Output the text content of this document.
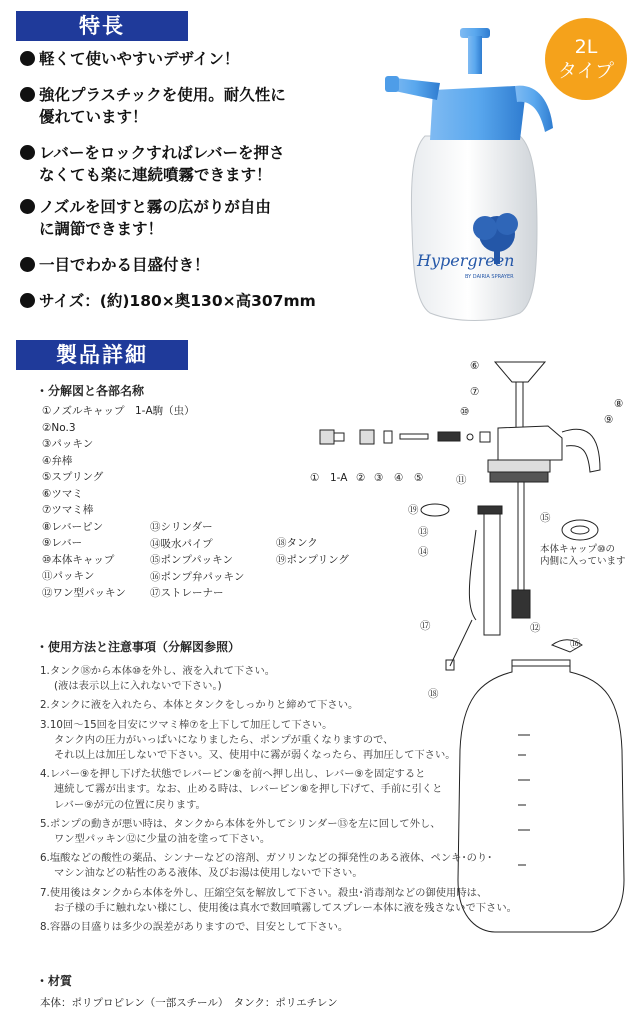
特長
軽くて使いやすいデザイン！
強化プラスチックを使用。耐久性に
優れています！
レバーをロックすればレバーを押さ
なくても楽に連続噴霧できます！
ノズルを回すと霧の広がりが自由
に調節できます！
一目でわかる目盛付き！
サイズ：(約)180×奥130×高307mm
2L
タイプ
Hypergreen
BY DAIRIA SPRAYER
製品詳細
・分解図と各部名称
①ノズルキャップ　1-A駒（虫）
②No.3
③パッキン
④弁棒
⑤スプリング
⑥ツマミ
⑦ツマミ棒
⑧レバーピン
⑨レバー
⑩本体キャップ
⑪パッキン
⑫ワン型パッキン
⑬シリンダー
⑭吸水パイプ
⑮ポンプパッキン
⑯ポンプ弁パッキン
⑰ストレーナー
⑱タンク
⑲ポンプリング
① 1-A ② ③ ④ ⑤	⑪
⑥
⑦
⑩
⑧
⑨
⑮
⑲
⑬
⑭
⑫
⑯
⑰
⑱
本体キャップ⑩の
内側に入っています
・使用方法と注意事項（分解図参照）
1.タンク⑱から本体⑩を外し、液を入れて下さい。
(液は表示以上に入れないで下さい。)
2.タンクに液を入れたら、本体とタンクをしっかりと締めて下さい。
3.10回～15回を目安にツマミ棒⑦を上下して加圧して下さい。
タンク内の圧力がいっぱいになりましたら、ポンプが重くなりますので、
それ以上は加圧しないで下さい。又、使用中に霧が弱くなったら、再加圧して下さい。
4.レバー⑨を押し下げた状態でレバーピン⑧を前へ押し出し、レバー⑨を固定すると
連続して霧が出ます。なお、止める時は、レバーピン⑧を押し下げて、手前に引くと
レバー⑨が元の位置に戻ります。
5.ポンプの動きが悪い時は、タンクから本体を外してシリンダー⑬を左に回して外し、
ワン型パッキン⑫に少量の油を塗って下さい。
6.塩酸などの酸性の薬品、シンナーなどの溶剤、ガソリンなどの揮発性のある液体、ペンキ･のり･
マシン油などの粘性のある液体、及びお湯は使用しないで下さい。
7.使用後はタンクから本体を外し、圧縮空気を解放して下さい。殺虫･消毒剤などの御使用時は、
お子様の手に触れない様にし、使用後は真水で数回噴霧してスプレー本体に液を残さないで下さい。
8.容器の目盛りは多少の誤差がありますので、目安として下さい。
・材質
本体：ポリプロピレン（一部スチール）　タンク：ポリエチレン
